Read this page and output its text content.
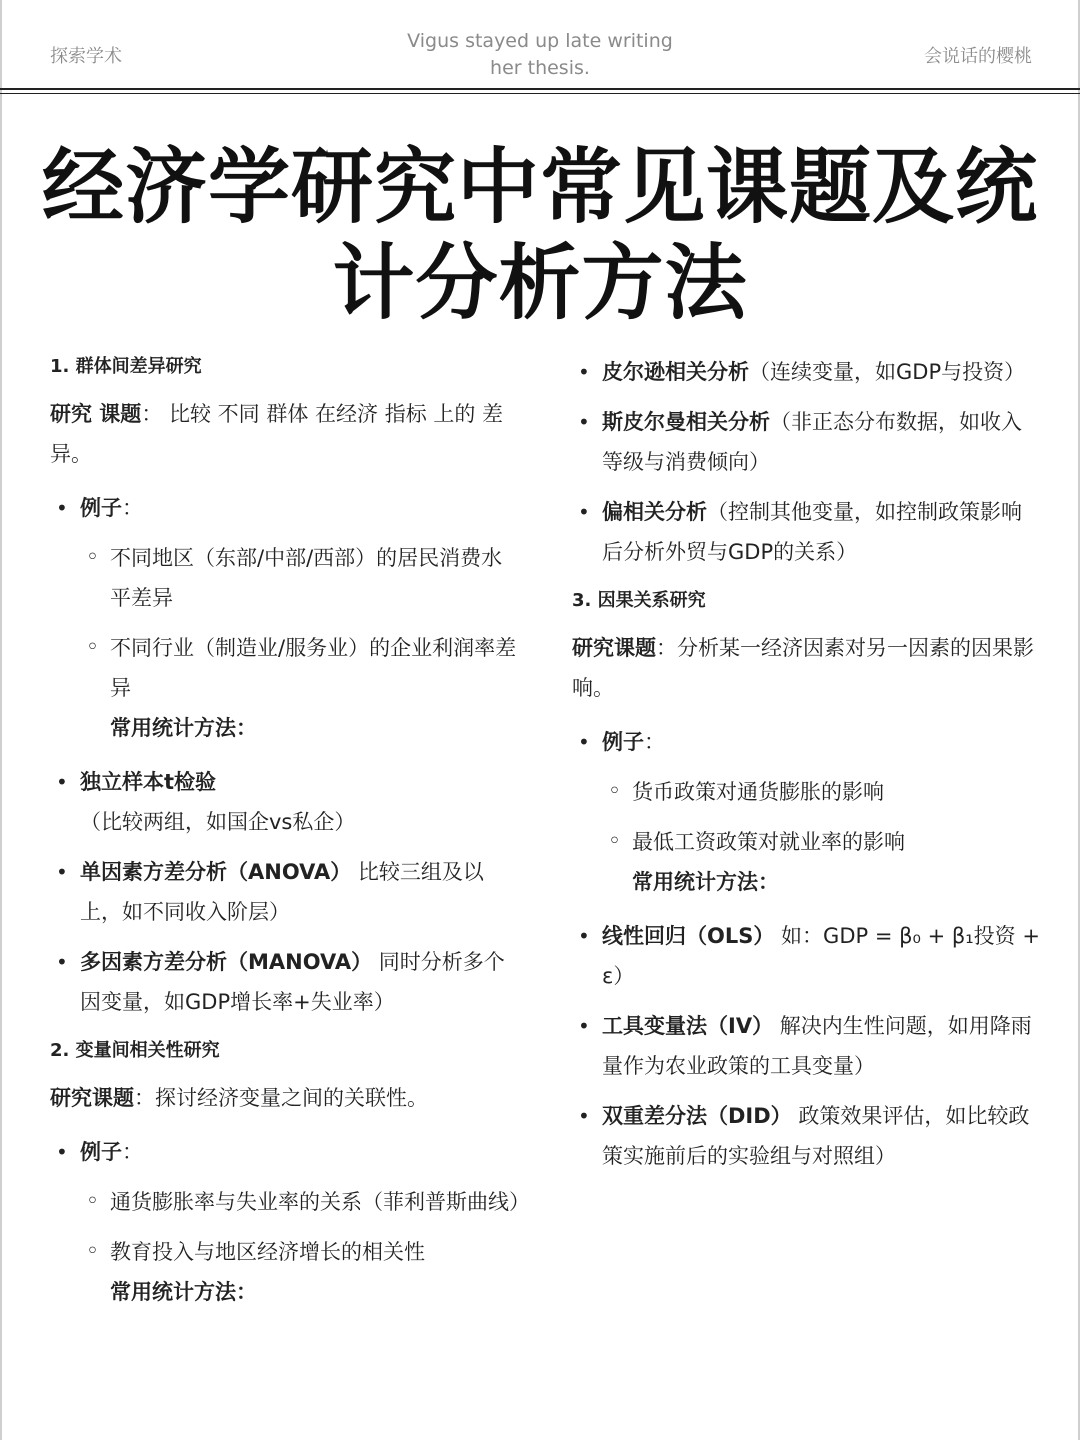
探索学术
Vigus stayed up late writing her thesis.
会说话的樱桃
经济学研究中常见课题及统计分析方法
1. 群体间差异研究
研究 课题： 比较 不同 群体 在经济 指标 上的 差异。
• 例子：
◦ 不同地区（东部/中部/西部）的居民消费水平差异
◦ 不同行业（制造业/服务业）的企业利润率差异
常用统计方法：
• 独立样本t检验
（比较两组，如国企vs私企）
• 单因素方差分析（ANOVA） 比较三组及以上，如不同收入阶层）
• 多因素方差分析（MANOVA） 同时分析多个因变量，如GDP增长率+失业率）
2. 变量间相关性研究
研究课题：探讨经济变量之间的关联性。
• 例子：
◦ 通货膨胀率与失业率的关系（菲利普斯曲线）
◦ 教育投入与地区经济增长的相关性
常用统计方法：
• 皮尔逊相关分析（连续变量，如GDP与投资）
• 斯皮尔曼相关分析（非正态分布数据，如收入等级与消费倾向）
• 偏相关分析（控制其他变量，如控制政策影响后分析外贸与GDP的关系）
3. 因果关系研究
研究课题：分析某一经济因素对另一因素的因果影响。
• 例子：
◦ 货币政策对通货膨胀的影响
◦ 最低工资政策对就业率的影响
常用统计方法：
• 线性回归（OLS） 如：GDP = β₀ + β₁投资 + ε）
• 工具变量法（IV） 解决内生性问题，如用降雨量作为农业政策的工具变量）
• 双重差分法（DID） 政策效果评估，如比较政策实施前后的实验组与对照组）
